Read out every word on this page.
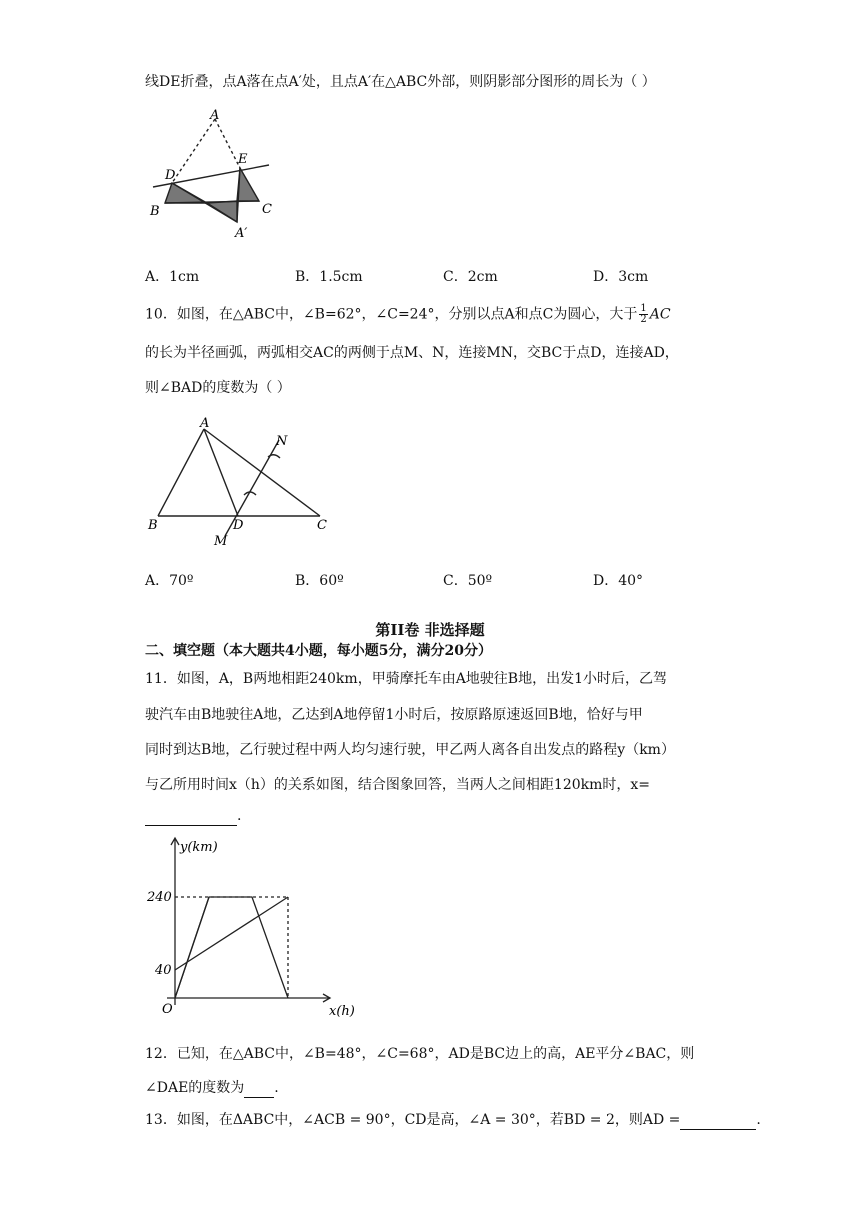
线DE折叠，点A落在点A′处，且点A′在△ABC外部，则阴影部分图形的周长为（ ）
A
D
E
B	C
A′
A．1cm	B．1.5cm	C．2cm	D．3cm
10．如图，在△ABC中，∠B=62°，∠C=24°，分别以点A和点C为圆心，大于 $\frac{1}{2}$ AC
的长为半径画弧，两弧相交AC的两侧于点M、N，连接MN，交BC于点D，连接AD，
则∠BAD的度数为（ ）
A
N
B	D	C
M
A．70º	B．60º	C．50º	D．40°
第II卷 非选择题
二、填空题（本大题共4小题，每小题5分，满分20分）
11．如图，A，B两地相距240km，甲骑摩托车由A地驶往B地，出发1小时后，乙驾
驶汽车由B地驶往A地，乙达到A地停留1小时后，按原路原速返回B地，恰好与甲
同时到达B地，乙行驶过程中两人均匀速行驶，甲乙两人离各自出发点的路程y（km）
与乙所用时间x（h）的关系如图，结合图象回答，当两人之间相距120km时，x=
.
y(km)
x(h)
O
240
40
12．已知，在△ABC中，∠B=48°，∠C=68°，AD是BC边上的高，AE平分∠BAC，则
∠DAE的度数为 .
13．如图，在ΔABC中，∠ACB = 90°，CD是高，∠A = 30°，若BD = 2，则AD =	.
